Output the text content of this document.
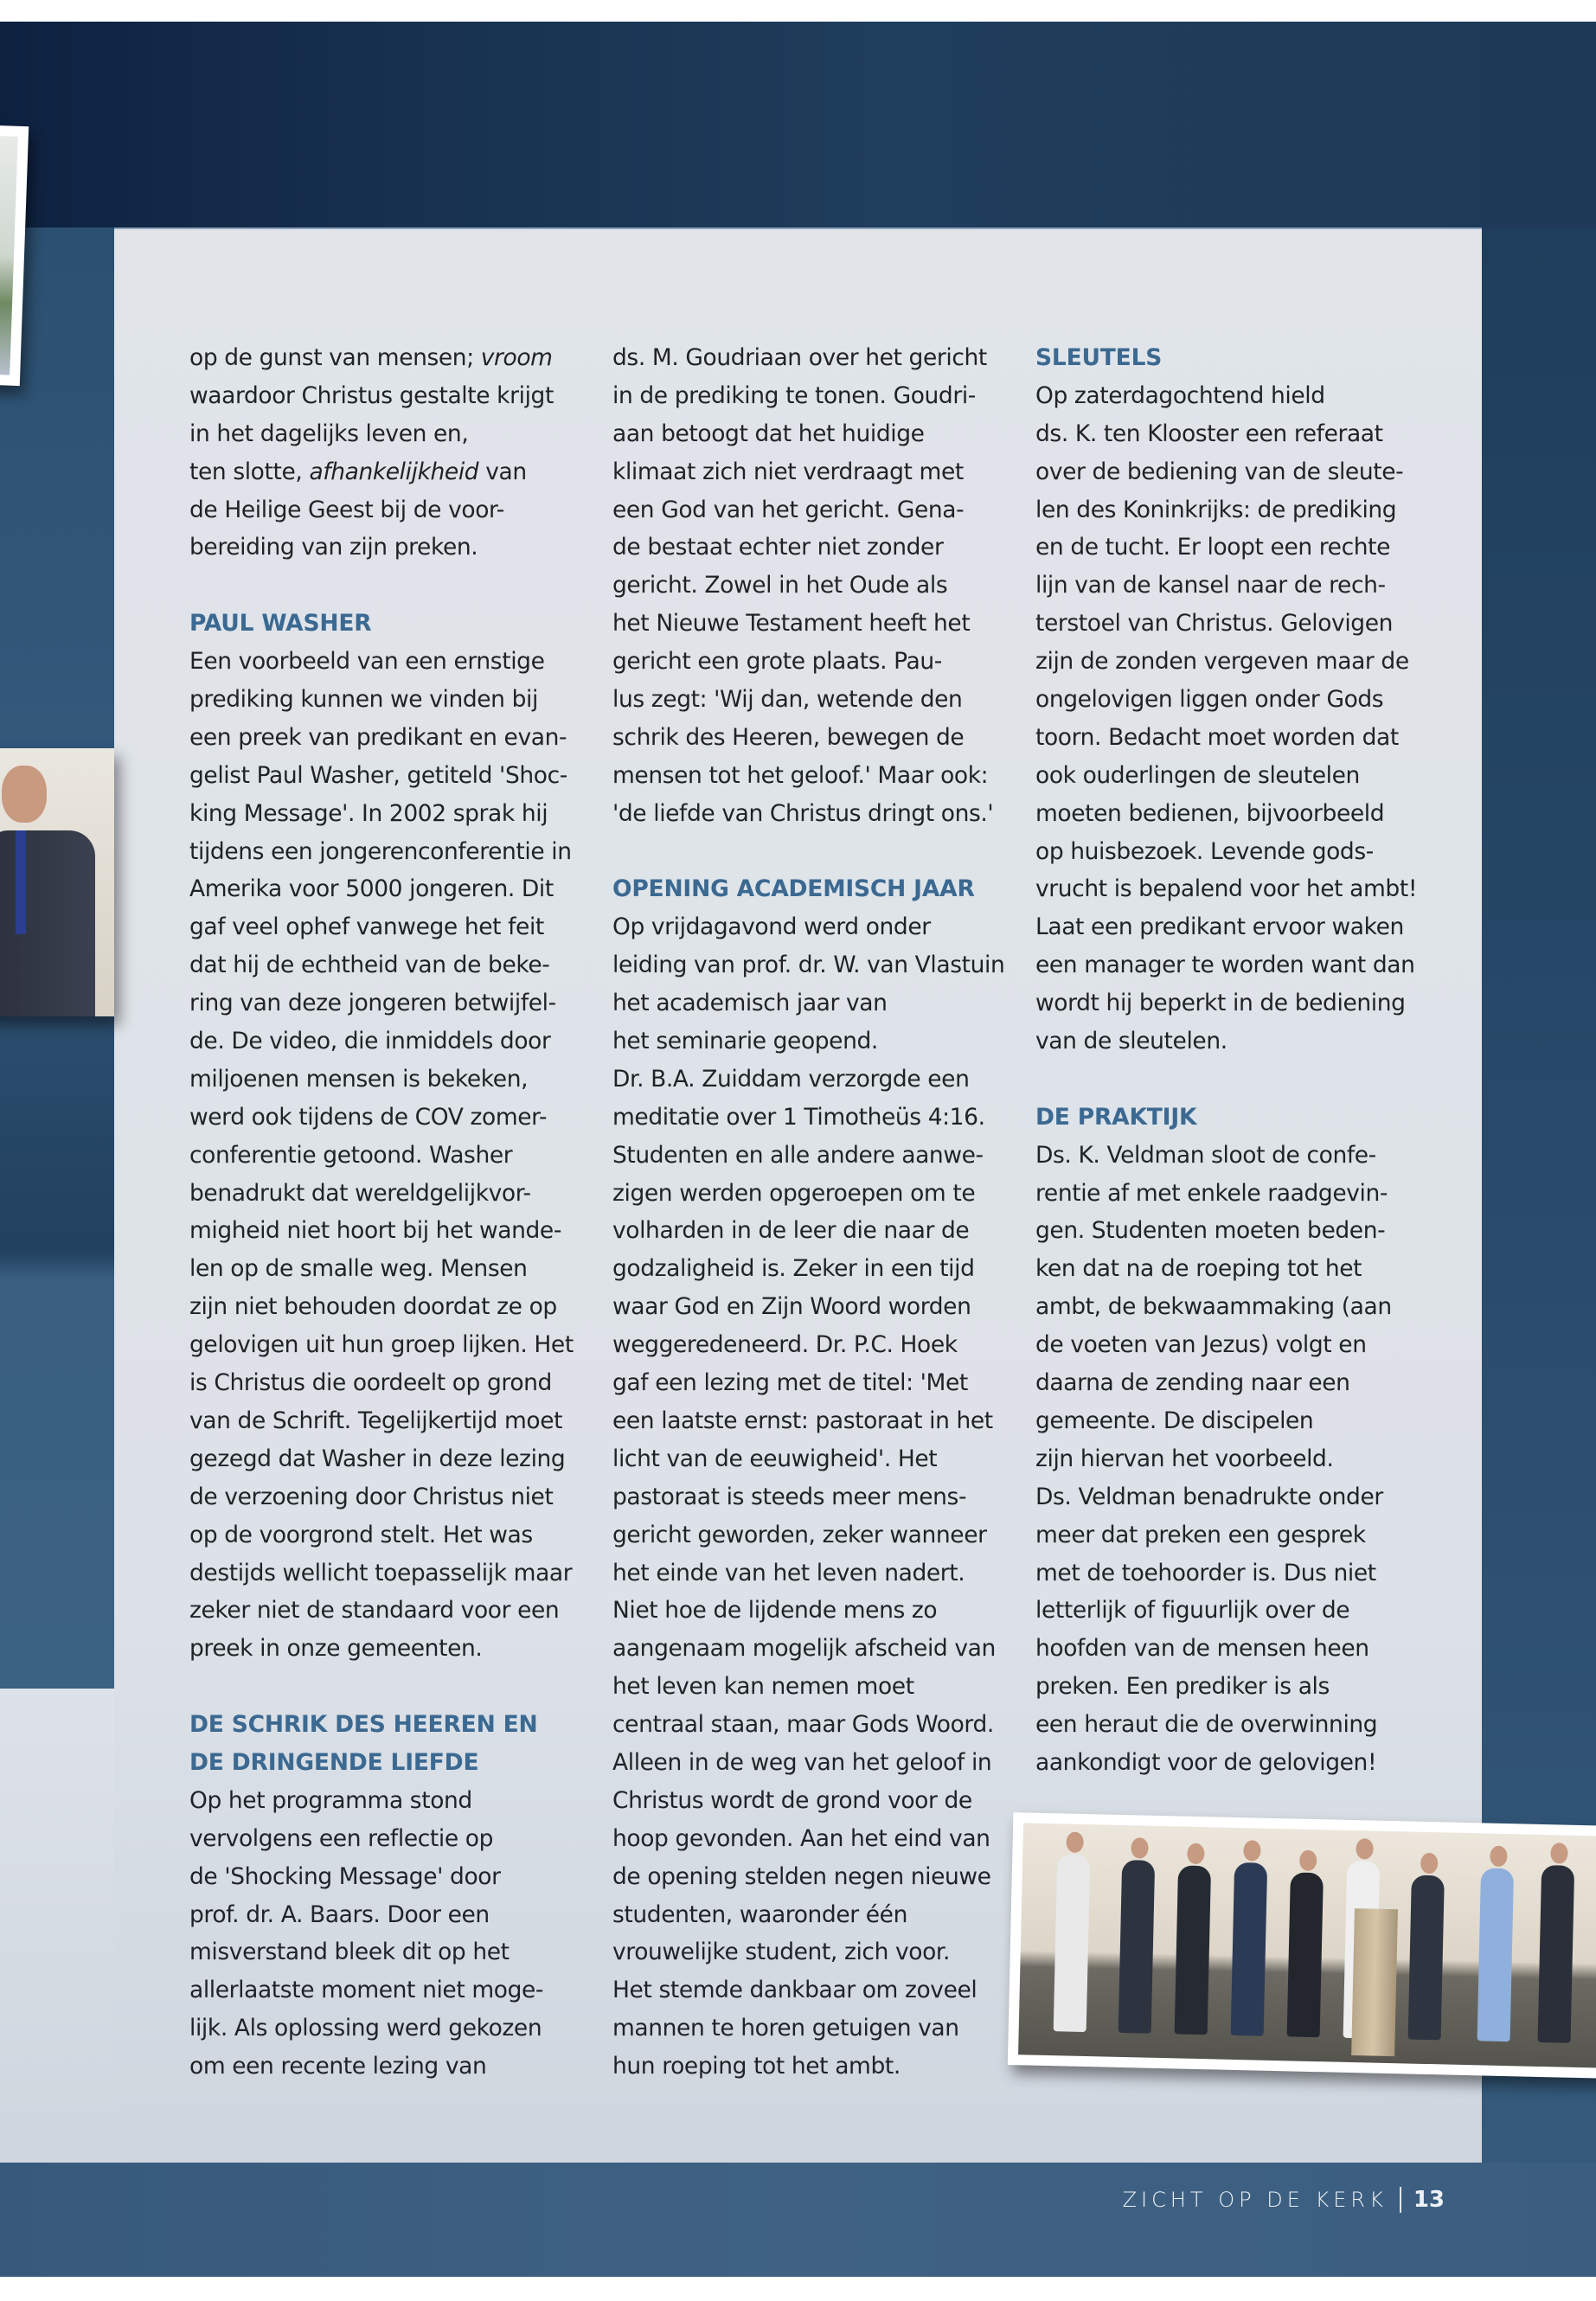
op de gunst van mensen; vroom
waardoor Christus gestalte krijgt
in het dagelijks leven en,
ten slotte, afhankelijkheid van
de Heilige Geest bij de voor-
bereiding van zijn preken.
PAUL WASHER
Een voorbeeld van een ernstige
prediking kunnen we vinden bij
een preek van predikant en evan-
gelist Paul Washer, getiteld 'Shoc-
king Message'. In 2002 sprak hij
tijdens een jongerenconferentie in
Amerika voor 5000 jongeren. Dit
gaf veel ophef vanwege het feit
dat hij de echtheid van de beke-
ring van deze jongeren betwijfel-
de. De video, die inmiddels door
miljoenen mensen is bekeken,
werd ook tijdens de COV zomer-
conferentie getoond. Washer
benadrukt dat wereldgelijkvor-
migheid niet hoort bij het wande-
len op de smalle weg. Mensen
zijn niet behouden doordat ze op
gelovigen uit hun groep lijken. Het
is Christus die oordeelt op grond
van de Schrift. Tegelijkertijd moet
gezegd dat Washer in deze lezing
de verzoening door Christus niet
op de voorgrond stelt. Het was
destijds wellicht toepasselijk maar
zeker niet de standaard voor een
preek in onze gemeenten.
DE SCHRIK DES HEEREN EN
DE DRINGENDE LIEFDE
Op het programma stond
vervolgens een reflectie op
de 'Shocking Message' door
prof. dr. A. Baars. Door een
misverstand bleek dit op het
allerlaatste moment niet moge-
lijk. Als oplossing werd gekozen
om een recente lezing van
ds. M. Goudriaan over het gericht
in de prediking te tonen. Goudri-
aan betoogt dat het huidige
klimaat zich niet verdraagt met
een God van het gericht. Gena-
de bestaat echter niet zonder
gericht. Zowel in het Oude als
het Nieuwe Testament heeft het
gericht een grote plaats. Pau-
lus zegt: 'Wij dan, wetende den
schrik des Heeren, bewegen de
mensen tot het geloof.' Maar ook:
'de liefde van Christus dringt ons.'
OPENING ACADEMISCH JAAR
Op vrijdagavond werd onder
leiding van prof. dr. W. van Vlastuin
het academisch jaar van
het seminarie geopend.
Dr. B.A. Zuiddam verzorgde een
meditatie over 1 Timotheüs 4:16.
Studenten en alle andere aanwe-
zigen werden opgeroepen om te
volharden in de leer die naar de
godzaligheid is. Zeker in een tijd
waar God en Zijn Woord worden
weggeredeneerd. Dr. P.C. Hoek
gaf een lezing met de titel: 'Met
een laatste ernst: pastoraat in het
licht van de eeuwigheid'. Het
pastoraat is steeds meer mens-
gericht geworden, zeker wanneer
het einde van het leven nadert.
Niet hoe de lijdende mens zo
aangenaam mogelijk afscheid van
het leven kan nemen moet
centraal staan, maar Gods Woord.
Alleen in de weg van het geloof in
Christus wordt de grond voor de
hoop gevonden. Aan het eind van
de opening stelden negen nieuwe
studenten, waaronder één
vrouwelijke student, zich voor.
Het stemde dankbaar om zoveel
mannen te horen getuigen van
hun roeping tot het ambt.
SLEUTELS
Op zaterdagochtend hield
ds. K. ten Klooster een referaat
over de bediening van de sleute-
len des Koninkrijks: de prediking
en de tucht. Er loopt een rechte
lijn van de kansel naar de rech-
terstoel van Christus. Gelovigen
zijn de zonden vergeven maar de
ongelovigen liggen onder Gods
toorn. Bedacht moet worden dat
ook ouderlingen de sleutelen
moeten bedienen, bijvoorbeeld
op huisbezoek. Levende gods-
vrucht is bepalend voor het ambt!
Laat een predikant ervoor waken
een manager te worden want dan
wordt hij beperkt in de bediening
van de sleutelen.
DE PRAKTIJK
Ds. K. Veldman sloot de confe-
rentie af met enkele raadgevin-
gen. Studenten moeten beden-
ken dat na de roeping tot het
ambt, de bekwaammaking (aan
de voeten van Jezus) volgt en
daarna de zending naar een
gemeente. De discipelen
zijn hiervan het voorbeeld.
Ds. Veldman benadrukte onder
meer dat preken een gesprek
met de toehoorder is. Dus niet
letterlijk of figuurlijk over de
hoofden van de mensen heen
preken. Een prediker is als
een heraut die de overwinning
aankondigt voor de gelovigen!
ZICHT OP DE KERK 13
